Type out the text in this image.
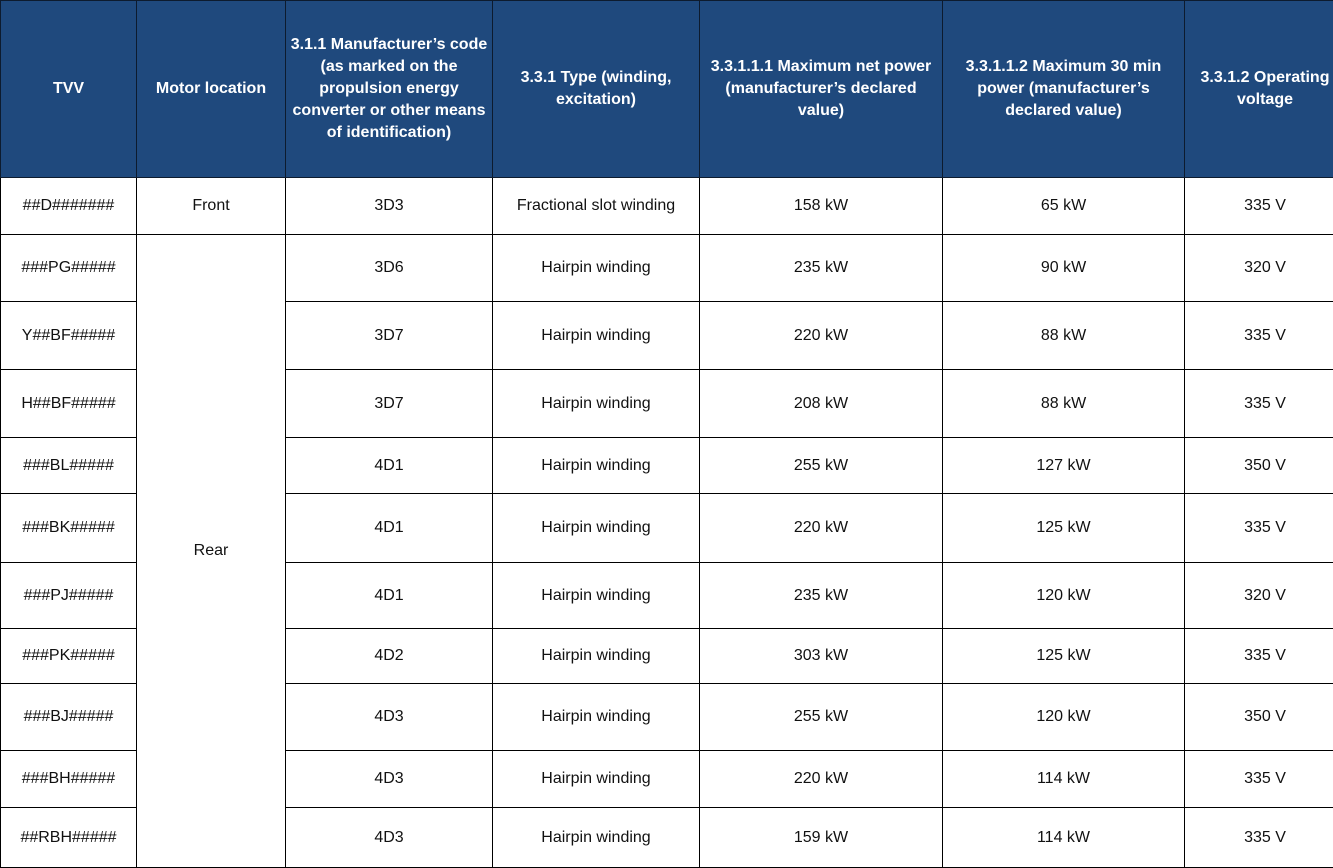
TVV	Motor location	3.1.1 Manufacturer’s code (as marked on the propulsion energy converter or other means of identification)	3.3.1 Type (winding, excitation)	3.3.1.1.1 Maximum net power (manufacturer’s declared value)	3.3.1.1.2 Maximum 30 min power (manufacturer’s declared value)	3.3.1.2 Operating voltage
##D#######	Front	3D3	Fractional slot winding	158 kW	65 kW	335 V
###PG#####	Rear	3D6	Hairpin winding	235 kW	90 kW	320 V
Y##BF#####		3D7	Hairpin winding	220 kW	88 kW	335 V
H##BF#####		3D7	Hairpin winding	208 kW	88 kW	335 V
###BL#####		4D1	Hairpin winding	255 kW	127 kW	350 V
###BK#####		4D1	Hairpin winding	220 kW	125 kW	335 V
###PJ#####		4D1	Hairpin winding	235 kW	120 kW	320 V
###PK#####		4D2	Hairpin winding	303 kW	125 kW	335 V
###BJ#####		4D3	Hairpin winding	255 kW	120 kW	350 V
###BH#####		4D3	Hairpin winding	220 kW	114 kW	335 V
##RBH#####		4D3	Hairpin winding	159 kW	114 kW	335 V
